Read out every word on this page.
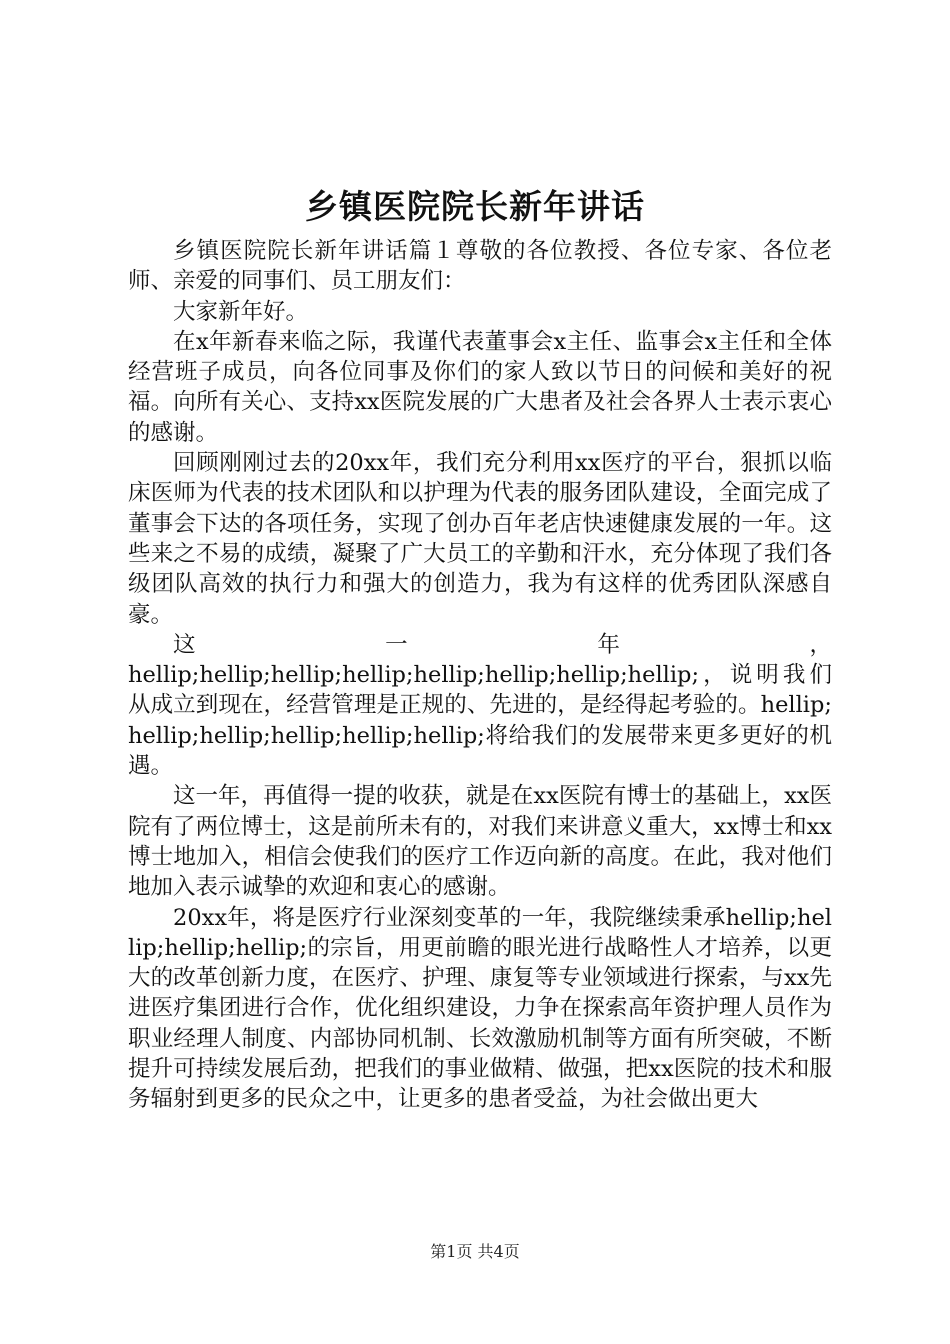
乡镇医院院长新年讲话

乡镇医院院长新年讲话篇１尊敬的各位教授、各位专家、各位老师、亲爱的同事们、员工朋友们：

大家新年好。

在x年新春来临之际，我谨代表董事会x主任、监事会x主任和全体经营班子成员，向各位同事及你们的家人致以节日的问候和美好的祝福。向所有关心、支持xx医院发展的广大患者及社会各界人士表示衷心的感谢。

回顾刚刚过去的20xx年，我们充分利用xx医疗的平台，狠抓以临床医师为代表的技术团队和以护理为代表的服务团队建设，全面完成了董事会下达的各项任务，实现了创办百年老店快速健康发展的一年。这些来之不易的成绩，凝聚了广大员工的辛勤和汗水，充分体现了我们各级团队高效的执行力和强大的创造力，我为有这样的优秀团队深感自豪。

这一年，

hellip;hellip;hellip;hellip;hellip;hellip;hellip;hellip;，说明我们从成立到现在，经营管理是正规的、先进的，是经得起考验的。hellip;hellip;hellip;hellip;hellip;hellip;将给我们的发展带来更多更好的机遇。

这一年，再值得一提的收获，就是在xx医院有博士的基础上，xx医院有了两位博士，这是前所未有的，对我们来讲意义重大，xx博士和xx博士地加入，相信会使我们的医疗工作迈向新的高度。在此，我对他们地加入表示诚挚的欢迎和衷心的感谢。

20xx年，将是医疗行业深刻变革的一年，我院继续秉承hellip;hellip;hellip;hellip;的宗旨，用更前瞻的眼光进行战略性人才培养，以更大的改革创新力度，在医疗、护理、康复等专业领域进行探索，与xx先进医疗集团进行合作，优化组织建设，力争在探索高年资护理人员作为职业经理人制度、内部协同机制、长效激励机制等方面有所突破，不断提升可持续发展后劲，把我们的事业做精、做强，把xx医院的技术和服务辐射到更多的民众之中，让更多的患者受益，为社会做出更大

第1页 共4页
